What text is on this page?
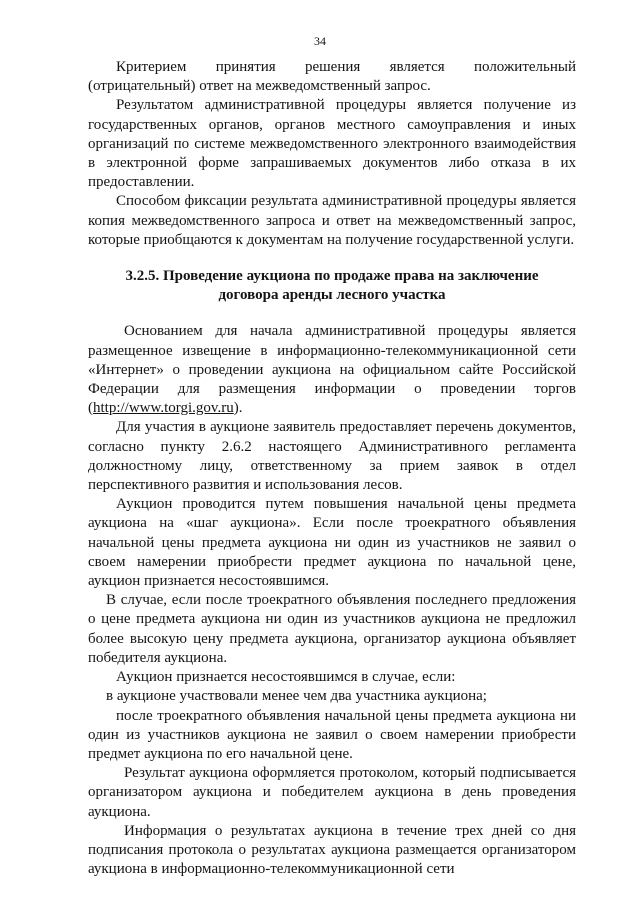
34

Критерием принятия решения является положительный (отрицательный) ответ на межведомственный запрос.

Результатом административной процедуры является получение из государственных органов, органов местного самоуправления и иных организаций по системе межведомственного электронного взаимодействия в электронной форме запрашиваемых документов либо отказа в их предоставлении.

Способом фиксации результата административной процедуры является копия межведомственного запроса и ответ на межведомственный запрос, которые приобщаются к документам на получение государственной услуги.

3.2.5. Проведение аукциона по продаже права на заключение
договора аренды лесного участка

Основанием для начала административной процедуры является размещенное извещение в информационно-телекоммуникационной сети «Интернет» о проведении аукциона на официальном сайте Российской Федерации для размещения информации о проведении торгов (http://www.torgi.gov.ru).

Для участия в аукционе заявитель предоставляет перечень документов, согласно пункту 2.6.2 настоящего Административного регламента должностному лицу, ответственному за прием заявок в отдел перспективного развития и использования лесов.

Аукцион проводится путем повышения начальной цены предмета аукциона на «шаг аукциона». Если после троекратного объявления начальной цены предмета аукциона ни один из участников не заявил о своем намерении приобрести предмет аукциона по начальной цене, аукцион признается несостоявшимся.

В случае, если после троекратного объявления последнего предложения о цене предмета аукциона ни один из участников аукциона не предложил более высокую цену предмета аукциона, организатор аукциона объявляет победителя аукциона.

Аукцион признается несостоявшимся в случае, если:

в аукционе участвовали менее чем два участника аукциона;

после троекратного объявления начальной цены предмета аукциона ни один из участников аукциона не заявил о своем намерении приобрести предмет аукциона по его начальной цене.

Результат аукциона оформляется протоколом, который подписывается организатором аукциона и победителем аукциона в день проведения аукциона.

Информация о результатах аукциона в течение трех дней со дня подписания протокола о результатах аукциона размещается организатором аукциона в информационно-телекоммуникационной сети
